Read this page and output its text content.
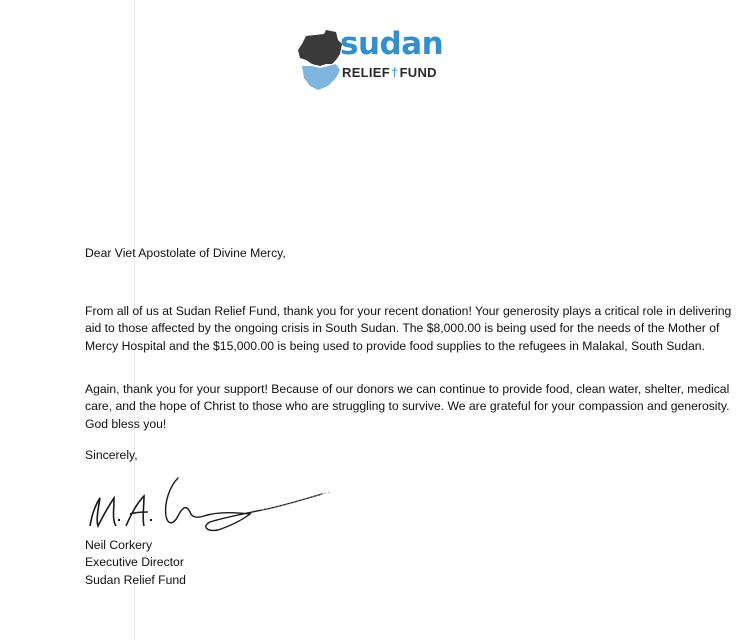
sudan
RELIEF†FUND
Dear Viet Apostolate of Divine Mercy,

From all of us at Sudan Relief Fund, thank you for your recent donation! Your generosity plays a critical role in delivering aid to those affected by the ongoing crisis in South Sudan. The $8,000.00 is being used for the needs of the Mother of Mercy Hospital and the $15,000.00 is being used to provide food supplies to the refugees in Malakal, South Sudan.

Again, thank you for your support! Because of our donors we can continue to provide food, clean water, shelter, medical care, and the hope of Christ to those who are struggling to survive. We are grateful for your compassion and generosity. God bless you!

Sincerely,
Neil Corkery
Executive Director
Sudan Relief Fund
